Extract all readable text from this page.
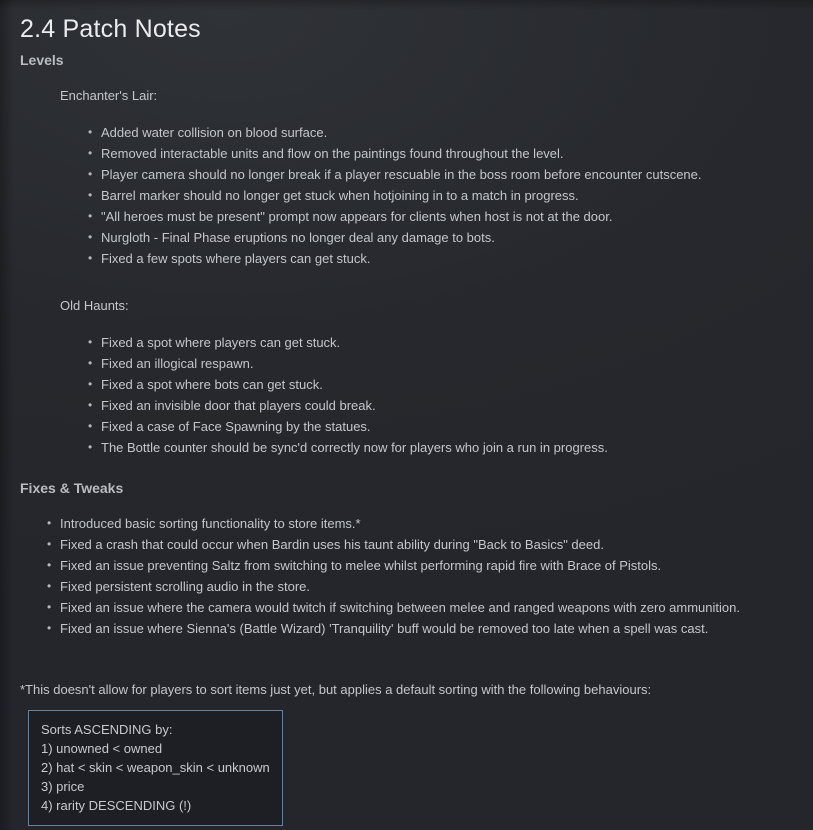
2.4 Patch Notes
Levels
Enchanter's Lair:
• Added water collision on blood surface.
• Removed interactable units and flow on the paintings found throughout the level.
• Player camera should no longer break if a player rescuable in the boss room before encounter cutscene.
• Barrel marker should no longer get stuck when hotjoining in to a match in progress.
• "All heroes must be present" prompt now appears for clients when host is not at the door.
• Nurgloth - Final Phase eruptions no longer deal any damage to bots.
• Fixed a few spots where players can get stuck.
Old Haunts:
• Fixed a spot where players can get stuck.
• Fixed an illogical respawn.
• Fixed a spot where bots can get stuck.
• Fixed an invisible door that players could break.
• Fixed a case of Face Spawning by the statues.
• The Bottle counter should be sync'd correctly now for players who join a run in progress.
Fixes & Tweaks
• Introduced basic sorting functionality to store items.*
• Fixed a crash that could occur when Bardin uses his taunt ability during "Back to Basics" deed.
• Fixed an issue preventing Saltz from switching to melee whilst performing rapid fire with Brace of Pistols.
• Fixed persistent scrolling audio in the store.
• Fixed an issue where the camera would twitch if switching between melee and ranged weapons with zero ammunition.
• Fixed an issue where Sienna's (Battle Wizard) 'Tranquility' buff would be removed too late when a spell was cast.
*This doesn't allow for players to sort items just yet, but applies a default sorting with the following behaviours:
Sorts ASCENDING by:
1) unowned < owned
2) hat < skin < weapon_skin < unknown
3) price
4) rarity DESCENDING (!)
